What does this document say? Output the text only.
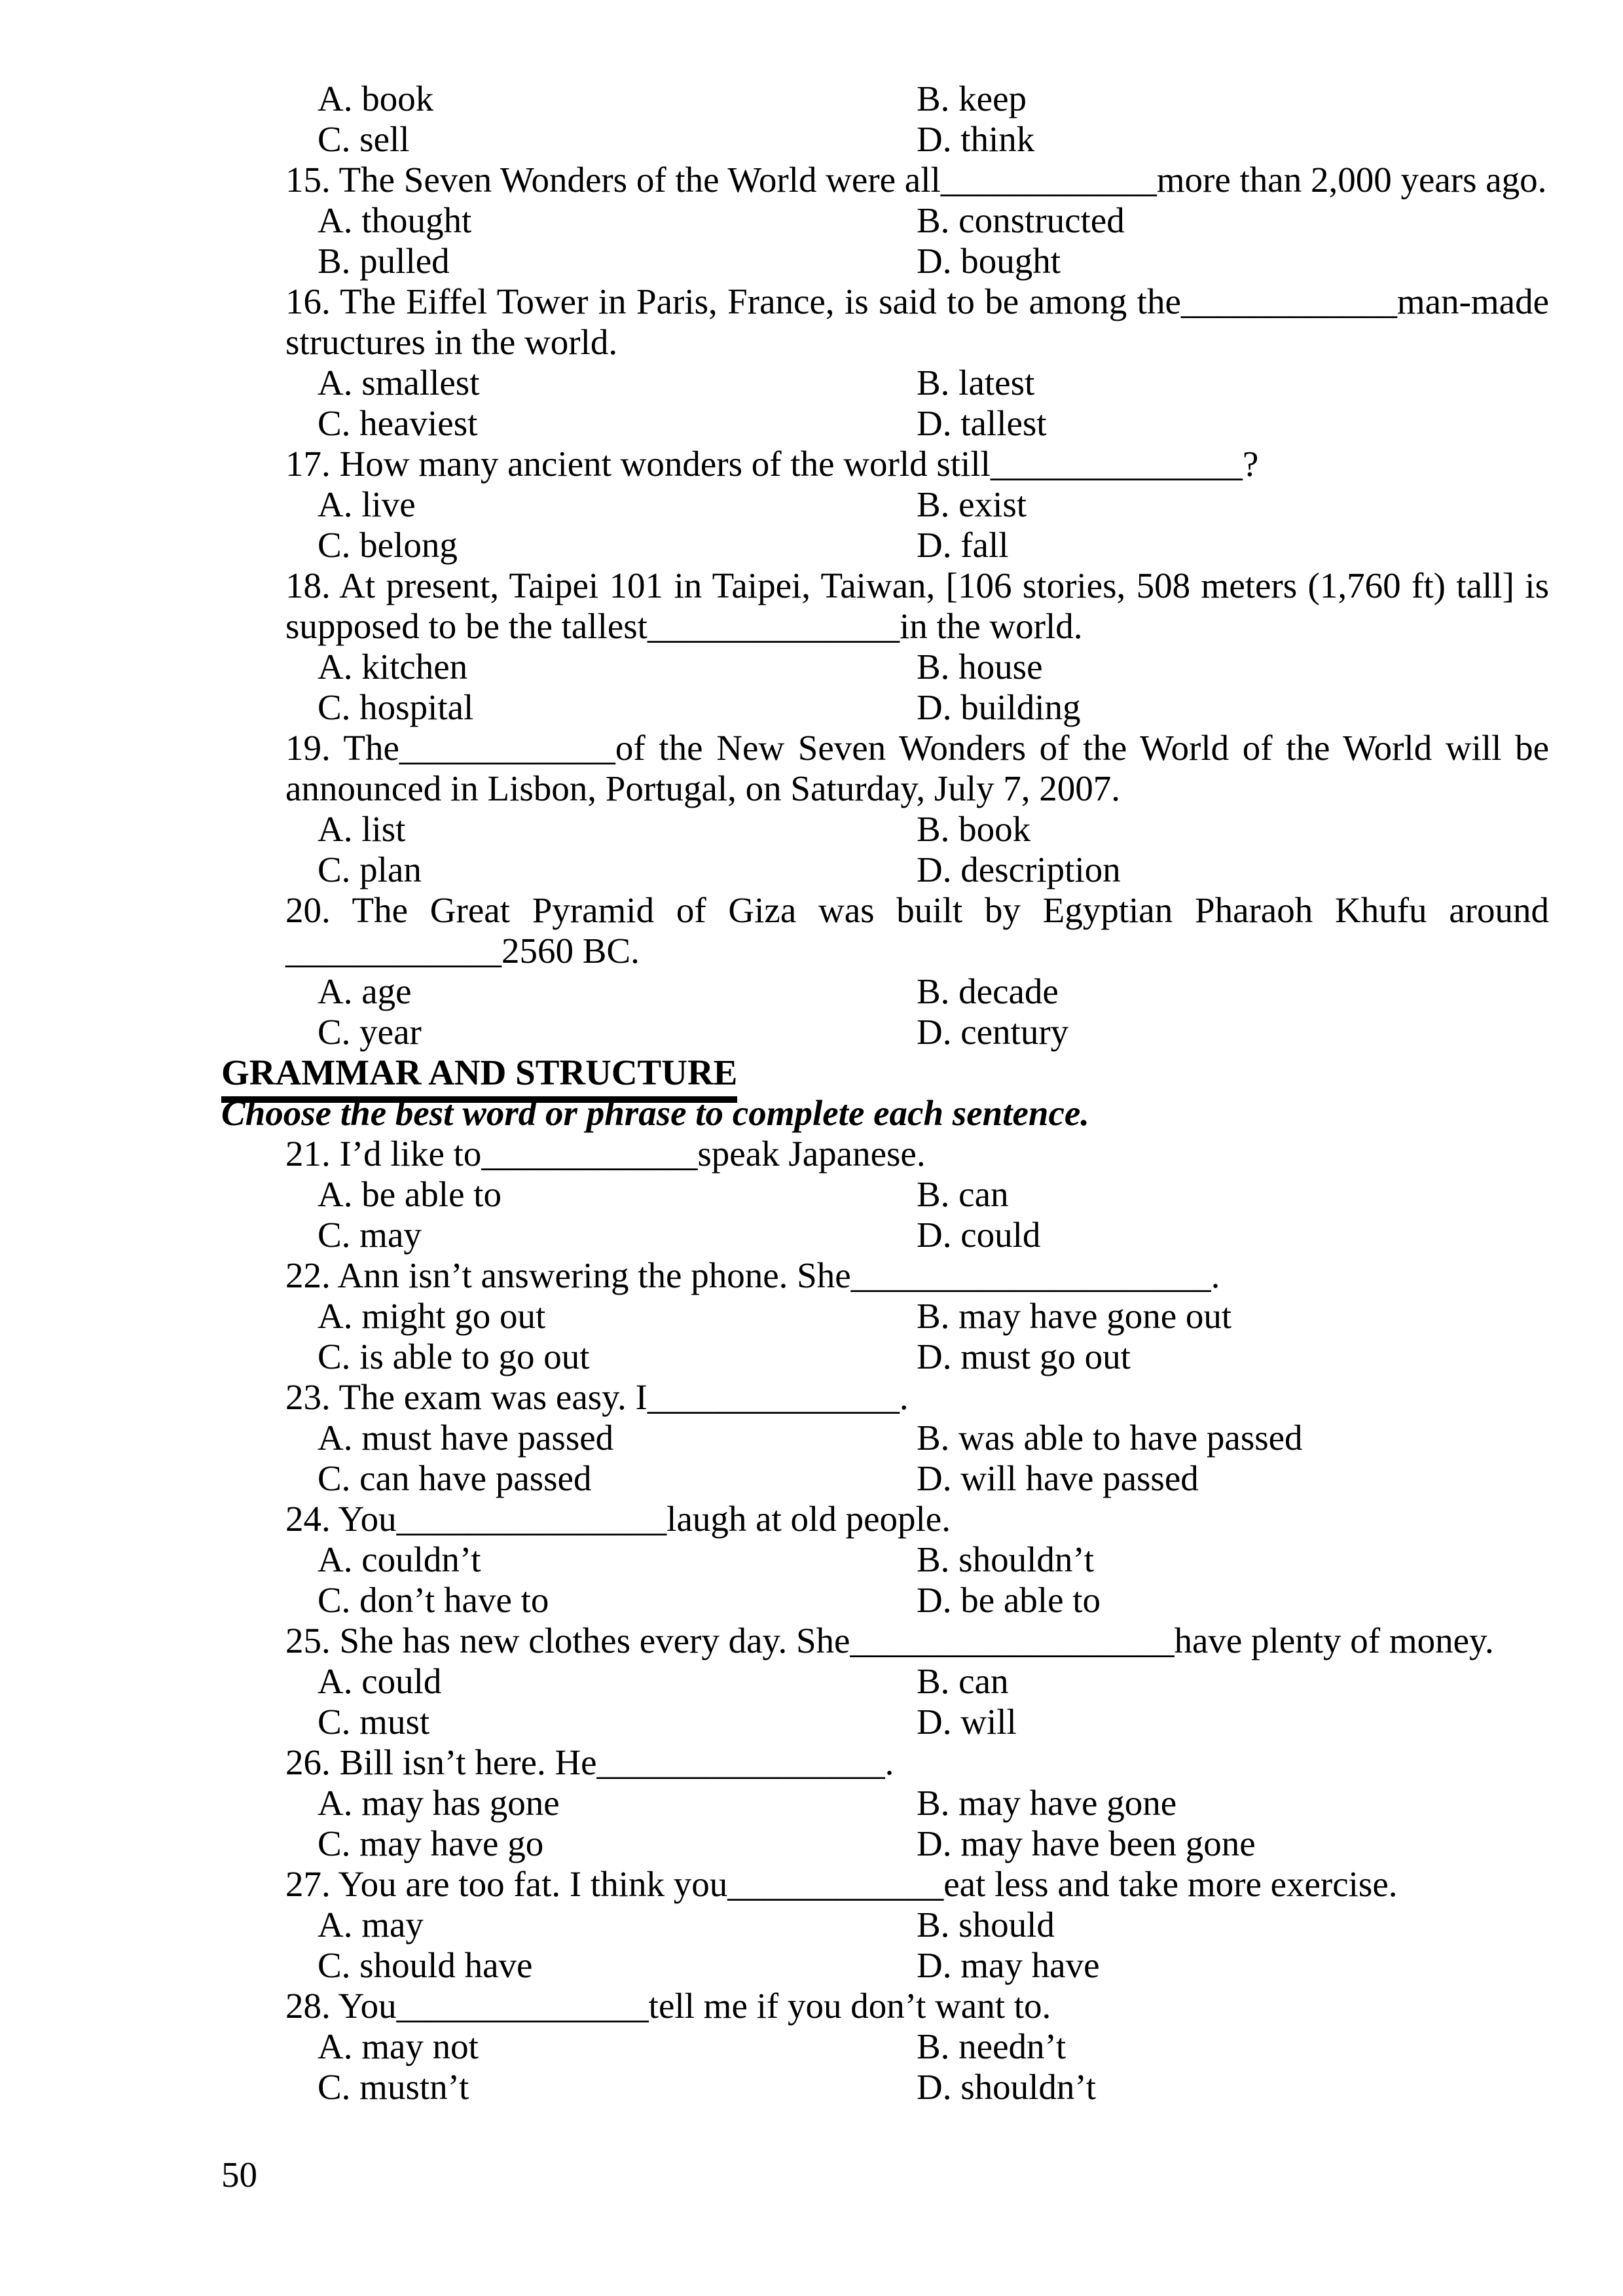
A. book	B. keep
C. sell	D. think
15. The Seven Wonders of the World were all____________more than 2,000 years ago.
A. thought	B. constructed
B. pulled	D. bought
16. The Eiffel Tower in Paris, France, is said to be among the____________man-made structures in the world.
A. smallest	B. latest
C. heaviest	D. tallest
17. How many ancient wonders of the world still______________?
A. live	B. exist
C. belong	D. fall
18. At present, Taipei 101 in Taipei, Taiwan, [106 stories, 508 meters (1,760 ft) tall] is supposed to be the tallest______________in the world.
A. kitchen	B. house
C. hospital	D. building
19. The____________of the New Seven Wonders of the World of the World will be announced in Lisbon, Portugal, on Saturday, July 7, 2007.
A. list	B. book
C. plan	D. description
20. The Great Pyramid of Giza was built by Egyptian Pharaoh Khufu around ____________2560 BC.
A. age	B. decade
C. year	D. century
GRAMMAR AND STRUCTURE
Choose the best word or phrase to complete each sentence.
21. I’d like to____________speak Japanese.
A. be able to	B. can
C. may	D. could
22. Ann isn’t answering the phone. She____________________.
A. might go out	B. may have gone out
C. is able to go out	D. must go out
23. The exam was easy. I______________.
A. must have passed	B. was able to have passed
C. can have passed	D. will have passed
24. You_______________laugh at old people.
A. couldn’t	B. shouldn’t
C. don’t have to	D. be able to
25. She has new clothes every day. She__________________have plenty of money.
A. could	B. can
C. must	D. will
26. Bill isn’t here. He________________.
A. may has gone	B. may have gone
C. may have go	D. may have been gone
27. You are too fat. I think you____________eat less and take more exercise.
A. may	B. should
C. should have	D. may have
28. You______________tell me if you don’t want to.
A. may not	B. needn’t
C. mustn’t	D. shouldn’t
50
